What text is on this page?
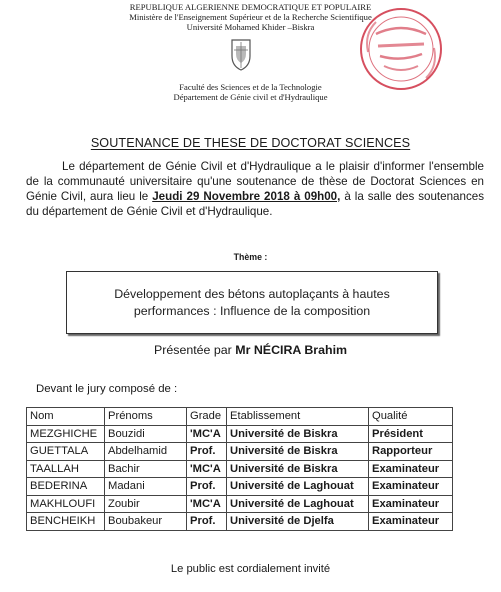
REPUBLIQUE ALGERIENNE DEMOCRATIQUE ET POPULAIRE
Ministère de l'Enseignement Supérieur et de la Recherche Scientifique
Université Mohamed Khider –Biskra
Faculté des Sciences et de la Technologie
Département de Génie civil et d'Hydraulique
SOUTENANCE DE THESE DE DOCTORAT SCIENCES
Le département de Génie Civil et d'Hydraulique a le plaisir d'informer l'ensemble de la communauté universitaire qu'une soutenance de thèse de Doctorat Sciences en Génie Civil, aura lieu le Jeudi 29 Novembre 2018 à 09h00, à la salle des soutenances du département de Génie Civil et d'Hydraulique.
Thème :
Développement des bétons autoplaçants à hautes
performances : Influence de la composition
Présentée par Mr NÉCIRA Brahim
Devant le jury composé de :
Nom	Prénoms	Grade	Etablissement	Qualité
MEZGHICHE	Bouzidi	'MC'A	Université de Biskra	Président
GUETTALA	Abdelhamid	Prof.	Université de Biskra	Rapporteur
TAALLAH	Bachir	'MC'A	Université de Biskra	Examinateur
BEDERINA	Madani	Prof.	Université de Laghouat	Examinateur
MAKHLOUFI	Zoubir	'MC'A	Université de Laghouat	Examinateur
BENCHEIKH	Boubakeur	Prof.	Université de Djelfa	Examinateur
Le public est cordialement invité
